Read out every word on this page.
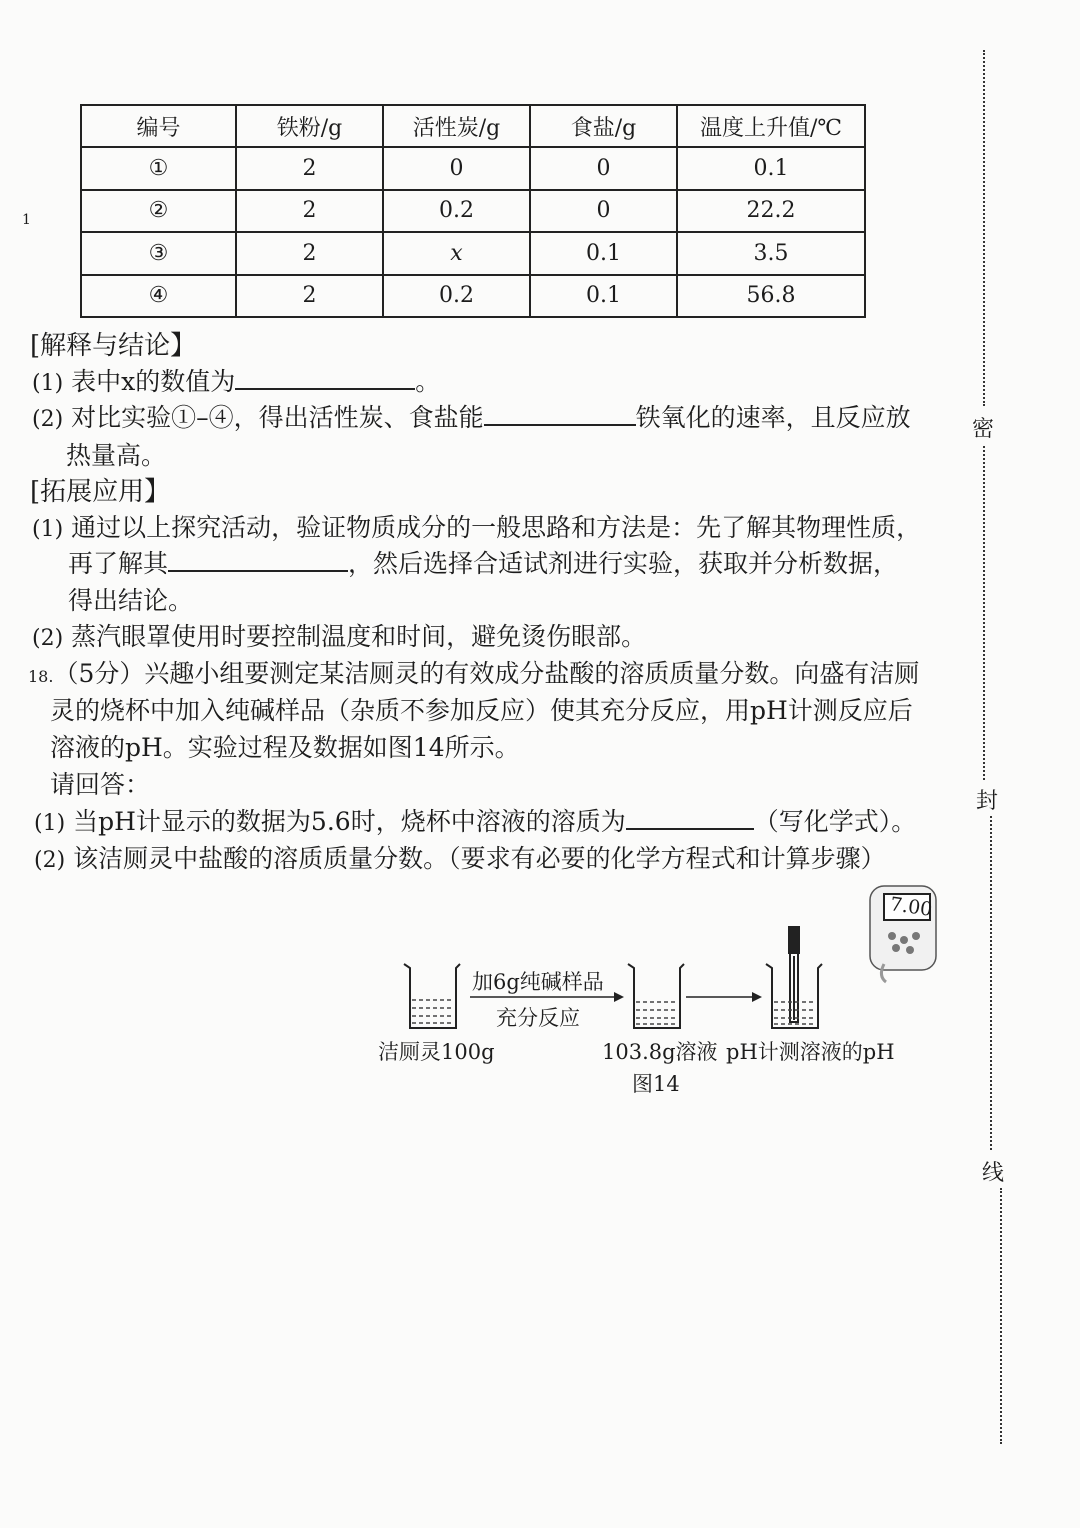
1
编号	铁粉/g	活性炭/g	食盐/g	温度上升值/℃
①	2	0	0	0.1
②	2	0.2	0	22.2
③	2	x	0.1	3.5
④	2	0.2	0.1	56.8
[解释与结论】
(1) 表中x的数值为	。
(2) 对比实验①–④，得出活性炭、食盐能	铁氧化的速率，且反应放
热量高。
[拓展应用】
(1) 通过以上探究活动，验证物质成分的一般思路和方法是：先了解其物理性质，
再了解其	，然后选择合适试剂进行实验，获取并分析数据，
得出结论。
(2) 蒸汽眼罩使用时要控制温度和时间，避免烫伤眼部。
18.（5分）兴趣小组要测定某洁厕灵的有效成分盐酸的溶质质量分数。向盛有洁厕
灵的烧杯中加入纯碱样品（杂质不参加反应）使其充分反应，用pH计测反应后
溶液的pH。实验过程及数据如图14所示。
请回答：
(1) 当pH计显示的数据为5.6时，烧杯中溶液的溶质为	（写化学式）。
(2) 该洁厕灵中盐酸的溶质质量分数。（要求有必要的化学方程式和计算步骤）
加6g纯碱样品
充分反应
7.00
洁厕灵100g	103.8g溶液 pH计测溶液的pH
图14
密
封
线
